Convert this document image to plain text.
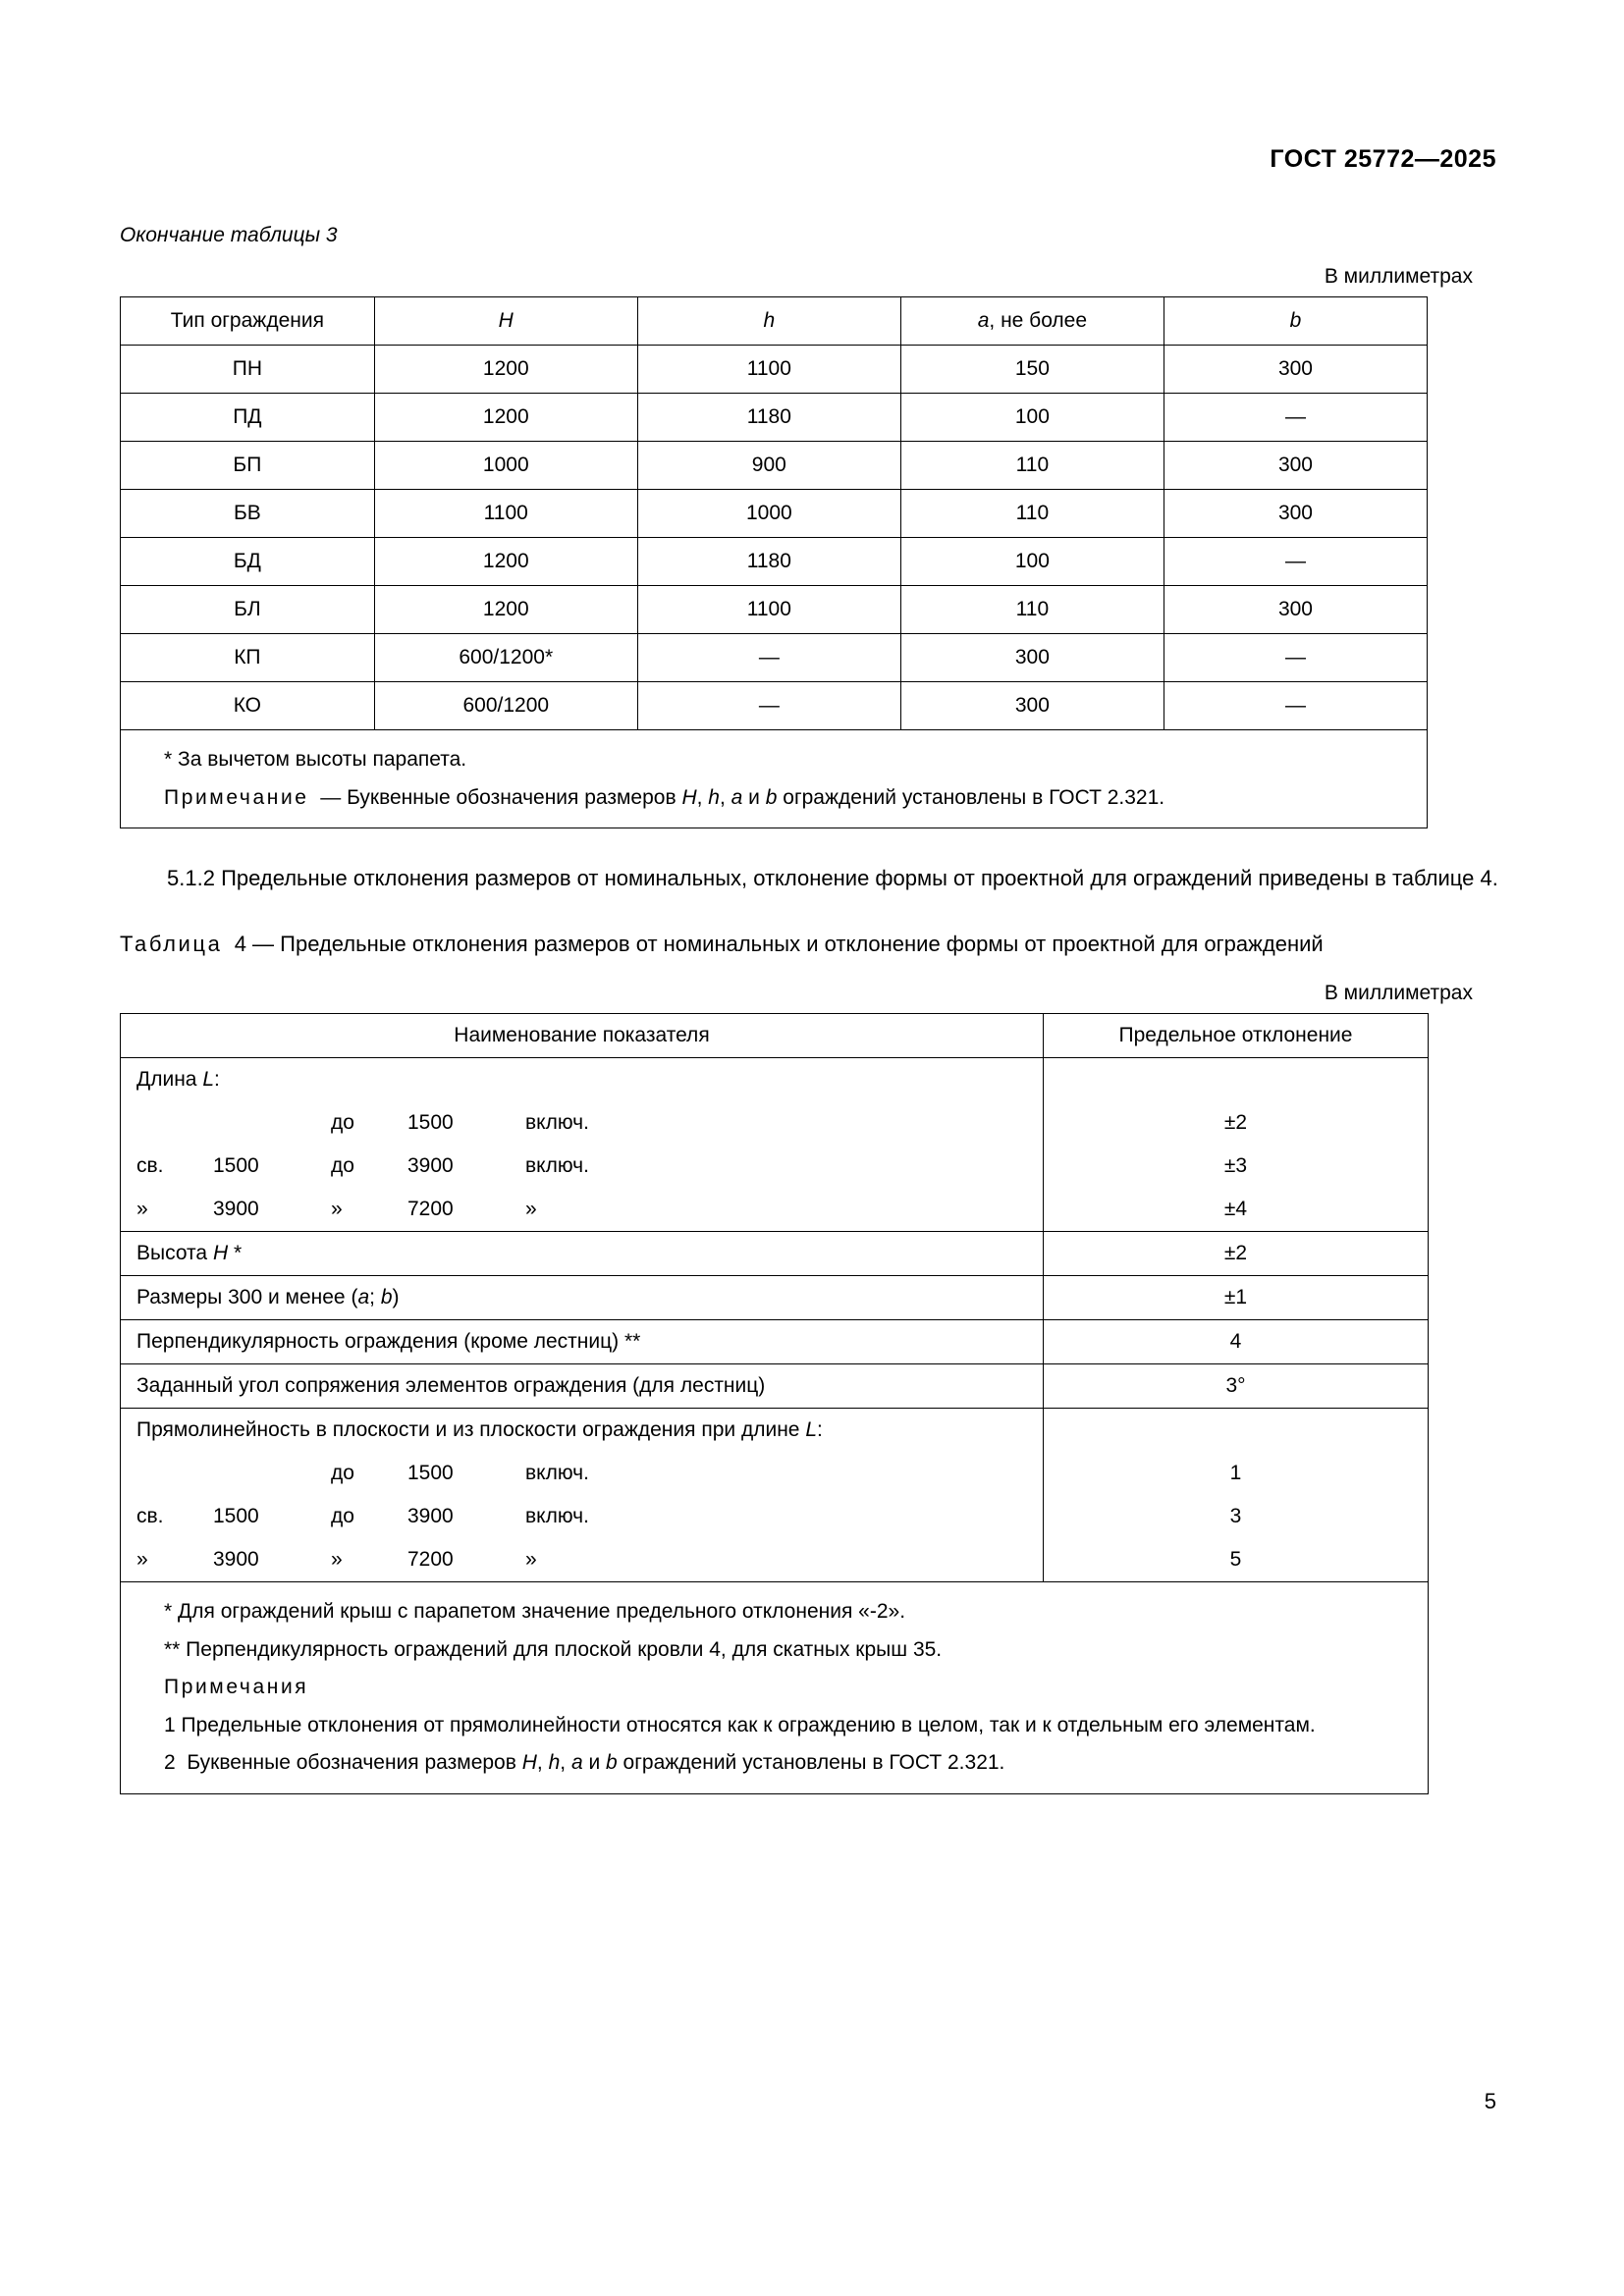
ГОСТ 25772—2025
Окончание таблицы 3
В миллиметрах
Тип ограждения	H	h	a, не более	b
ПН	1200	1100	150	300
ПД	1200	1180	100	—
БП	1000	900	110	300
БВ	1100	1000	110	300
БД	1200	1180	100	—
БЛ	1200	1100	110	300
КП	600/1200*	—	300	—
КО	600/1200	—	300	—

* За вычетом высоты парапета.

Примечание  — Буквенные обозначения размеров H, h, a и b ограждений установлены в ГОСТ 2.321.				

5.1.2 Предельные отклонения размеров от номинальных, отклонение формы от проектной для ограждений приведены в таблице 4.
Таблица  4 — Предельные отклонения размеров от номинальных и отклонение формы от проектной для ограждений
В миллиметрах
Наименование показателя	Предельное отклонение
Длина L:	

до 1500 включ.	±2

св. 1500 до 3900 включ.	±3

» 3900 » 7200 »	±4
Высота H *	±2
Размеры 300 и менее (a; b)	±1
Перпендикулярность ограждения (кроме лестниц) **	4
Заданный угол сопряжения элементов ограждения (для лестниц)	3°
Прямолинейность в плоскости и из плоскости ограждения при длине L:	

до 1500 включ.	1

св. 1500 до 3900 включ.	3

» 3900 » 7200 »	5

* Для ограждений крыш с парапетом значение предельного отклонения «-2».

** Перпендикулярность ограждений для плоской кровли 4, для скатных крыш 35.

Примечания

1 Предельные отклонения от прямолинейности относятся как к ограждению в целом, так и к отдельным его элементам.

2  Буквенные обозначения размеров H, h, a и b ограждений установлены в ГОСТ 2.321.	

5
